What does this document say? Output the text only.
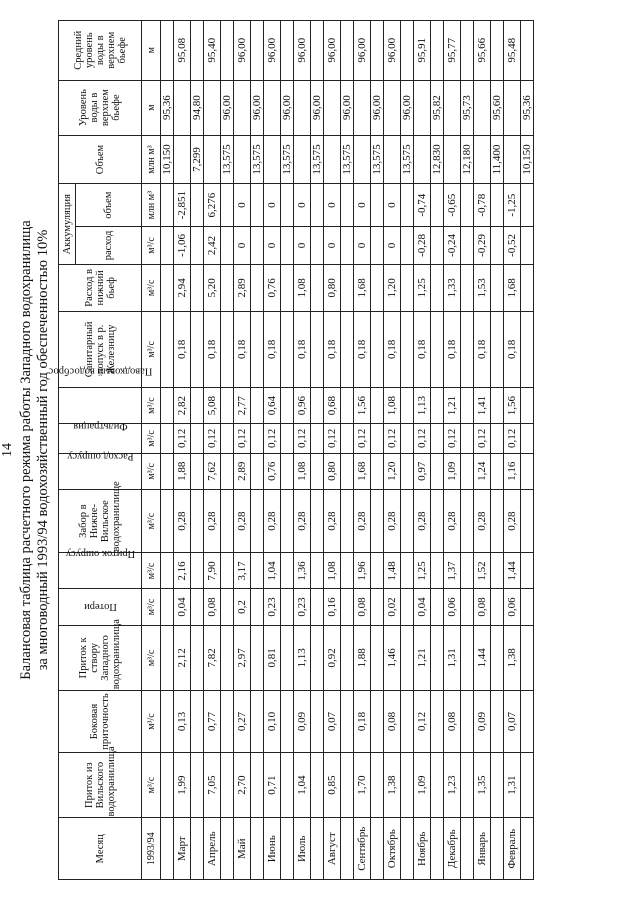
14 Балансовая таблица расчетного режима работы Западного водохранилища за многоводный 1993/94 водохозяйственный год обеспеченностью 10%
Месяц	Приток из Вильского водохранилища	Боковая приточность	Приток к створу Западного водохранилища	Потери	Приток ошрусу	Забор в Нижне-Вильское водохранилище	Расход ошрусу	Фильтрация	Паводковый водосброс	Санитарный попуск в р. Железницу	Расход в нижний бьеф	Аккумуляция		Объем	Уровень воды в верхнем бьефе	Средний уровень воды в верхнем бьефе
												расход	объем			
1993/94	м³/с	м³/с	м³/с	м³/с	м³/с	м³/с	м³/с	м³/с	м³/с	м³/с	м³/с	м³/с	млн м³	млн м³	м	м
														10,150	95,36	
Март	1,99	0,13	2,12	0,04	2,16	0,28	1,88	0,12	2,82	0,18	2,94	-1,06	-2,851			95,08
														7,299	94,80	
Апрель	7,05	0,77	7,82	0,08	7,90	0,28	7,62	0,12	5,08	0,18	5,20	2,42	6,276			95,40
														13,575	96,00	
Май	2,70	0,27	2,97	0,2	3,17	0,28	2,89	0,12	2,77	0,18	2,89	0	0			96,00
														13,575	96,00	
Июнь	0,71	0,10	0,81	0,23	1,04	0,28	0,76	0,12	0,64	0,18	0,76	0	0			96,00
														13,575	96,00	
Июль	1,04	0,09	1,13	0,23	1,36	0,28	1,08	0,12	0,96	0,18	1,08	0	0			96,00
														13,575	96,00	
Август	0,85	0,07	0,92	0,16	1,08	0,28	0,80	0,12	0,68	0,18	0,80	0	0			96,00
														13,575	96,00	
Сентябрь	1,70	0,18	1,88	0,08	1,96	0,28	1,68	0,12	1,56	0,18	1,68	0	0			96,00
														13,575	96,00	
Октябрь	1,38	0,08	1,46	0,02	1,48	0,28	1,20	0,12	1,08	0,18	1,20	0	0			96,00
														13,575	96,00	
Ноябрь	1,09	0,12	1,21	0,04	1,25	0,28	0,97	0,12	1,13	0,18	1,25	-0,28	-0,74			95,91
														12,830	95,82	
Декабрь	1,23	0,08	1,31	0,06	1,37	0,28	1,09	0,12	1,21	0,18	1,33	-0,24	-0,65			95,77
														12,180	95,73	
Январь	1,35	0,09	1,44	0,08	1,52	0,28	1,24	0,12	1,41	0,18	1,53	-0,29	-0,78			95,66
														11,400	95,60	
Февраль	1,31	0,07	1,38	0,06	1,44	0,28	1,16	0,12	1,56	0,18	1,68	-0,52	-1,25			95,48
														10,150	95,36	
